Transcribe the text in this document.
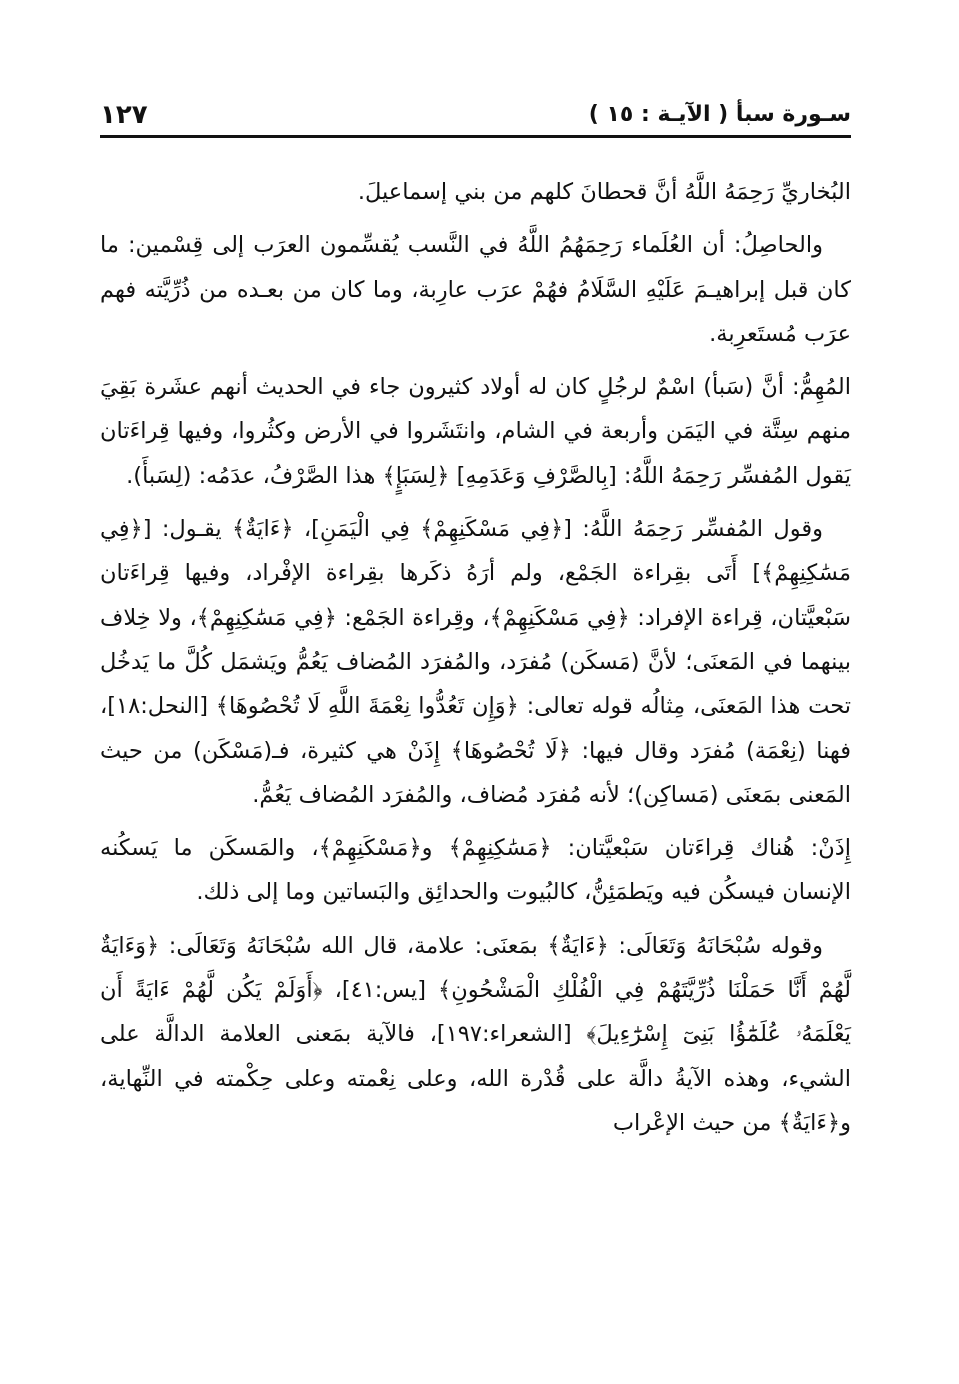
سـورة سبأ ( الآيـة : ١٥ )
١٢٧

البُخاريِّ رَحِمَهُ اللَّهُ أنَّ قحطانَ كلهم من بني إسماعيلَ.

والحاصِلُ: أن العُلَماء رَحِمَهُمُ اللَّهُ في النَّسب يُقسِّمون العرَب إلى قِسْمين: ما كان قبل إبراهيـمَ عَلَيْهِ السَّلَامُ فهُمْ عرَب عارِبة، وما كان من بعـده من ذُرِّيَّته فهم عرَب مُستَعرِبة.

المُهِمُّ: أنَّ (سَبأ) اسْمٌ لرجُلٍ كان له أولاد كثيرون جاء في الحديث أنهم عشَرة بَقِيَ منهم سِتَّة في اليَمَن وأربعة في الشام، وانتَشَروا في الأرض وكثُروا، وفيها قِراءَتان يَقول المُفسِّر رَحِمَهُ اللَّهُ: [بِالصَّرْفِ وَعَدَمِهِ] ﴿لِسَبَإٍ﴾ هذا الصَّرْفُ، عدَمُه: (لِسَبأَ).

وقول المُفسِّر رَحِمَهُ اللَّهُ: [﴿فِي مَسْكَنِهِمْ﴾ فِي الْيَمَنِ]، ﴿ءَايَةٌ﴾ يقـول: [﴿فِي مَسَٰكِنِهِمْ﴾] أَتَى بقِراءة الجَمْع، ولم أرَهُ ذكَرها بقِراءة الإفْراد، وفيها قِراءَتان سَبْعيَّتان، قِراءة الإفراد: ﴿فِي مَسْكَنِهِمْ﴾، وقِراءة الجَمْع: ﴿فِي مَسَٰكِنِهِمْ﴾، ولا خِلاف بينهما في المَعنَى؛ لأنَّ (مَسكَن) مُفرَد، والمُفرَد المُضاف يَعُمُّ ويَشمَل كُلَّ ما يَدخُل تحت هذا المَعنَى، مِثالُه قوله تعالى: ﴿وَإِن تَعُدُّوا نِعْمَةَ اللَّهِ لَا تُحْصُوهَا﴾ [النحل:١٨]، فهنا (نِعْمَة) مُفرَد وقال فيها: ﴿لَا تُحْصُوهَا﴾ إِذَنْ هي كثيرة، فـ(مَسْكَن) من حيث المَعنى بمَعنَى (مَساكِن)؛ لأنه مُفرَد مُضاف، والمُفرَد المُضاف يَعُمُّ.

إِذَنْ: هُناك قِراءَتان سَبْعيَّتان: ﴿مَسَٰكِنِهِمْ﴾ و﴿مَسْكَنِهِمْ﴾، والمَسكَن ما يَسكُنه الإنسان فيسكُن فيه ويَطمَئِنُّ، كالبُيوت والحدائِق والبَساتين وما إلى ذلك.

وقوله سُبْحَانَهُ وَتَعَالَى: ﴿ءَايَةٌ﴾ بمَعنَى: علامة، قال الله سُبْحَانَهُ وَتَعَالَى: ﴿وَءَايَةٌ لَّهُمْ أَنَّا حَمَلْنَا ذُرِّيَّتَهُمْ فِي الْفُلْكِ الْمَشْحُونِ﴾ [يس:٤١]، ﴿أَوَلَمْ يَكُن لَّهُمْ ءَايَةً أَن يَعْلَمَهُۥ عُلَمَٰٓؤُا بَنِىٓ إِسْرَٰٓءِيلَ﴾ [الشعراء:١٩٧]، فالآية بمَعنى العلامة الدالَّة على الشيء، وهذه الآيةُ دالَّة على قُدْرة الله، وعلى نِعْمته وعلى حِكْمته في النِّهاية، و﴿ءَايَةٌ﴾ من حيث الإعْراب
